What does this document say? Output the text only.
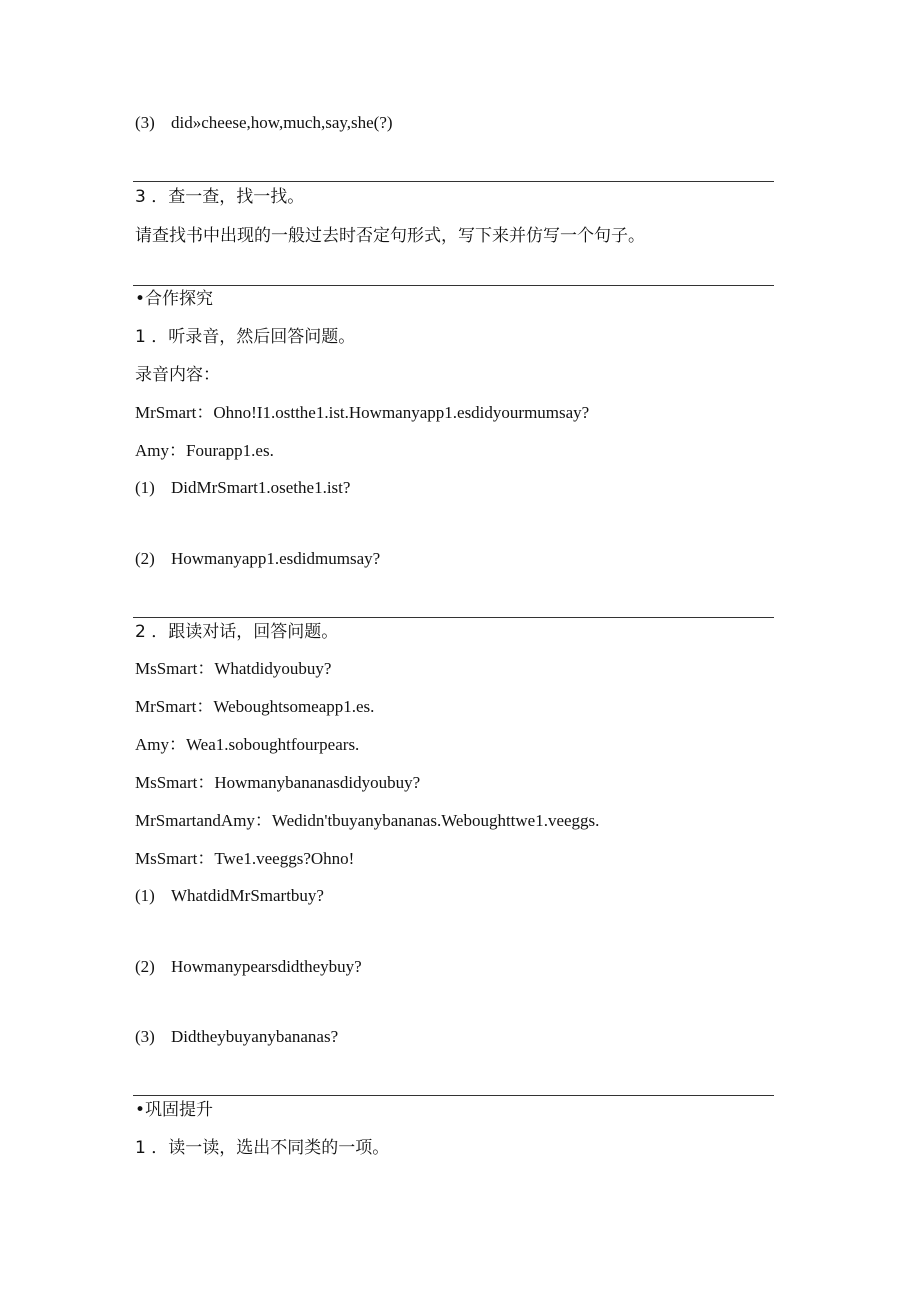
(3) did»cheese,how,much,say,she(?)
3 ．查一查，找一找。
请查找书中出现的一般过去时否定句形式，写下来并仿写一个句子。
•合作探究
1 ．听录音，然后回答问题。
录音内容：
MrSmart：Ohno!I1.ostthe1.ist.Howmanyapp1.esdidyourmumsay?
Amy：Fourapp1.es.
(1) DidMrSmart1.osethe1.ist?
(2) Howmanyapp1.esdidmumsay?
2 ．跟读对话，回答问题。
MsSmart：Whatdidyoubuy?
MrSmart：Weboughtsomeapp1.es.
Amy：Wea1.soboughtfourpears.
MsSmart：Howmanybananasdidyoubuy?
MrSmartandAmy：Wedidn'tbuyanybananas.Weboughttwe1.veeggs.
MsSmart：Twe1.veeggs?Ohno!
(1) WhatdidMrSmartbuy?
(2) Howmanypearsdidtheybuy?
(3) Didtheybuyanybananas?
•巩固提升
1 ．读一读，选出不同类的一项。
